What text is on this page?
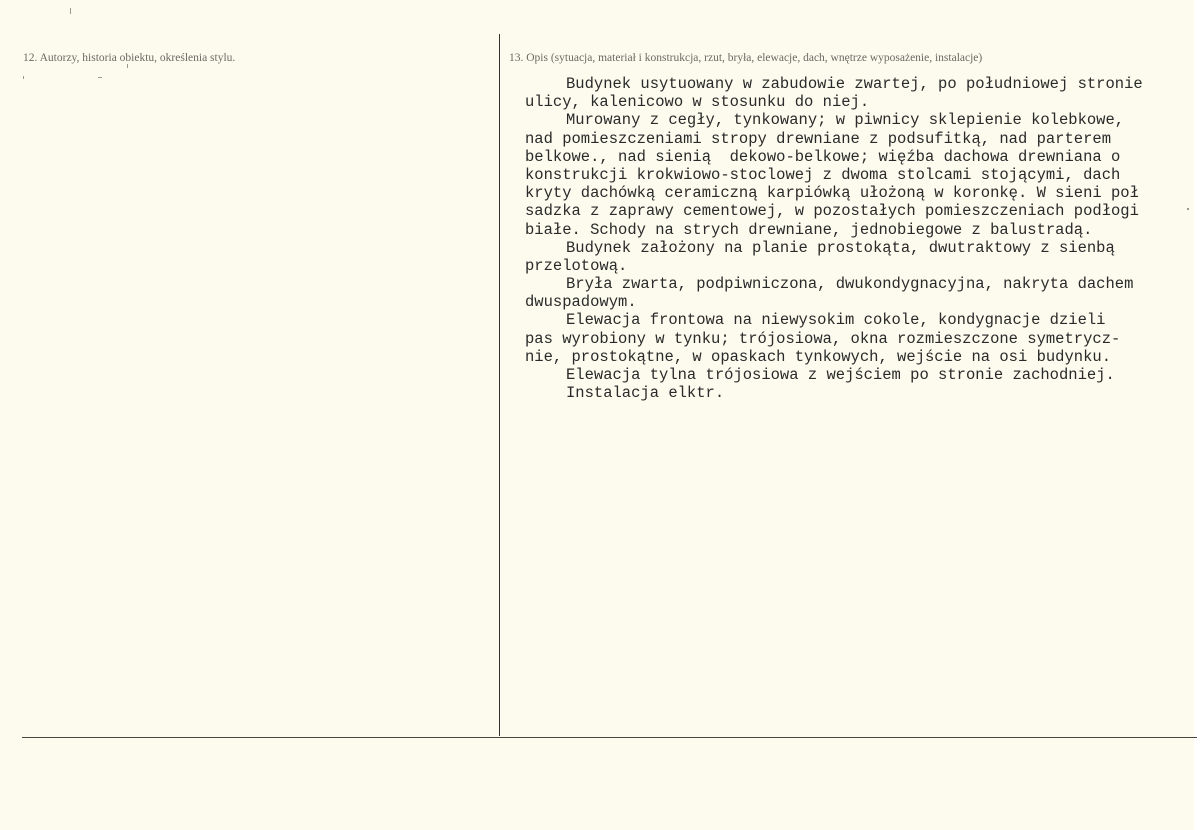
12. Autorzy, historia obiektu, określenia stylu.	13. Opis (sytuacja, materiał i konstrukcja, rzut, bryła, elewacje, dach, wnętrze wyposażenie, instalacje)
Budynek usytuowany w zabudowie zwartej, po południowej stronie
ulicy, kalenicowo w stosunku do niej.
Murowany z cegły, tynkowany; w piwnicy sklepienie kolebkowe,
nad pomieszczeniami stropy drewniane z podsufitką, nad parterem
belkowe., nad sienią  dekowo-belkowe; więźba dachowa drewniana o
konstrukcji krokwiowo-stoclowej z dwoma stolcami stojącymi, dach
kryty dachówką ceramiczną karpiówką ułożoną w koronkę. W sieni poł
sadzka z zaprawy cementowej, w pozostałych pomieszczeniach podłogi
białe. Schody na strych drewniane, jednobiegowe z balustradą.
Budynek założony na planie prostokąta, dwutraktowy z sienbą
przelotową.
Bryła zwarta, podpiwniczona, dwukondygnacyjna, nakryta dachem
dwuspadowym.
Elewacja frontowa na niewysokim cokole, kondygnacje dzieli
pas wyrobiony w tynku; trójosiowa, okna rozmieszczone symetrycz-
nie, prostokątne, w opaskach tynkowych, wejście na osi budynku.
Elewacja tylna trójosiowa z wejściem po stronie zachodniej.
Instalacja elktr.
